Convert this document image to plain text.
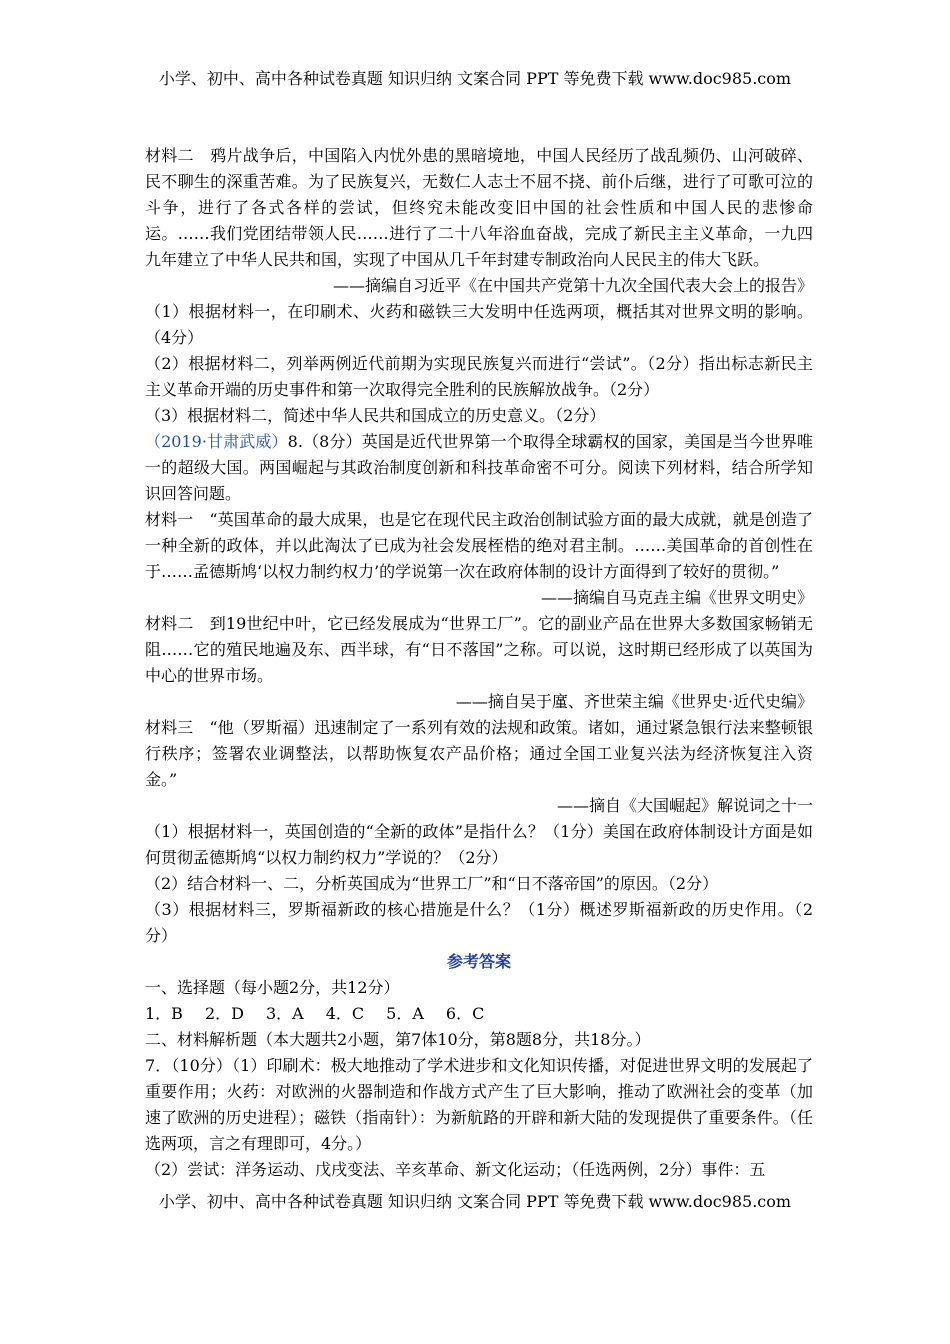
小学、初中、高中各种试卷真题 知识归纳 文案合同 PPT 等免费下载 www.doc985.com

材料二　鸦片战争后，中国陷入内忧外患的黑暗境地，中国人民经历了战乱频仍、山河破碎、民不聊生的深重苦难。为了民族复兴，无数仁人志士不屈不挠、前仆后继，进行了可歌可泣的斗争，进行了各式各样的尝试，但终究未能改变旧中国的社会性质和中国人民的悲惨命运。……我们党团结带领人民……进行了二十八年浴血奋战，完成了新民主主义革命，一九四九年建立了中华人民共和国，实现了中国从几千年封建专制政治向人民民主的伟大飞跃。

——摘编自习近平《在中国共产党第十九次全国代表大会上的报告》

（1）根据材料一，在印刷术、火药和磁铁三大发明中任选两项，概括其对世界文明的影响。（4分）

（2）根据材料二，列举两例近代前期为实现民族复兴而进行“尝试”。（2分）指出标志新民主主义革命开端的历史事件和第一次取得完全胜利的民族解放战争。（2分）

（3）根据材料二，简述中华人民共和国成立的历史意义。（2分）

（2019·甘肃武威）8.（8分）英国是近代世界第一个取得全球霸权的国家，美国是当今世界唯一的超级大国。两国崛起与其政治制度创新和科技革命密不可分。阅读下列材料，结合所学知识回答问题。

材料一　“英国革命的最大成果，也是它在现代民主政治创制试验方面的最大成就，就是创造了一种全新的政体，并以此淘汰了已成为社会发展桎梏的绝对君主制。……美国革命的首创性在于……孟德斯鸠‘以权力制约权力’的学说第一次在政府体制的设计方面得到了较好的贯彻。”

——摘编自马克垚主编《世界文明史》

材料二　到19世纪中叶，它已经发展成为“世界工厂”。它的副业产品在世界大多数国家畅销无阻……它的殖民地遍及东、西半球，有“日不落国”之称。可以说，这时期已经形成了以英国为中心的世界市场。

——摘自吴于廑、齐世荣主编《世界史·近代史编》

材料三　“他（罗斯福）迅速制定了一系列有效的法规和政策。诸如，通过紧急银行法来整顿银行秩序；签署农业调整法，以帮助恢复农产品价格；通过全国工业复兴法为经济恢复注入资金。”

——摘自《大国崛起》解说词之十一

（1）根据材料一，英国创造的“全新的政体”是指什么？（1分）美国在政府体制设计方面是如何贯彻孟德斯鸠“以权力制约权力”学说的？（2分）

（2）结合材料一、二，分析英国成为“世界工厂”和“日不落帝国”的原因。（2分）

（3）根据材料三，罗斯福新政的核心措施是什么？（1分）概述罗斯福新政的历史作用。（2分）

参考答案

一、选择题（每小题2分，共12分）

1．B 2．D 3．A 4．C 5．A 6．C

二、材料解析题（本大题共2小题，第7体10分，第8题8分，共18分。）

7．（10分）（1）印刷术：极大地推动了学术进步和文化知识传播，对促进世界文明的发展起了重要作用；火药：对欧洲的火器制造和作战方式产生了巨大影响，推动了欧洲社会的变革（加速了欧洲的历史进程）；磁铁（指南针）：为新航路的开辟和新大陆的发现提供了重要条件。（任选两项，言之有理即可，4分。）

（2）尝试：洋务运动、戊戌变法、辛亥革命、新文化运动；（任选两例，2分）事件：五

小学、初中、高中各种试卷真题 知识归纳 文案合同 PPT 等免费下载 www.doc985.com
